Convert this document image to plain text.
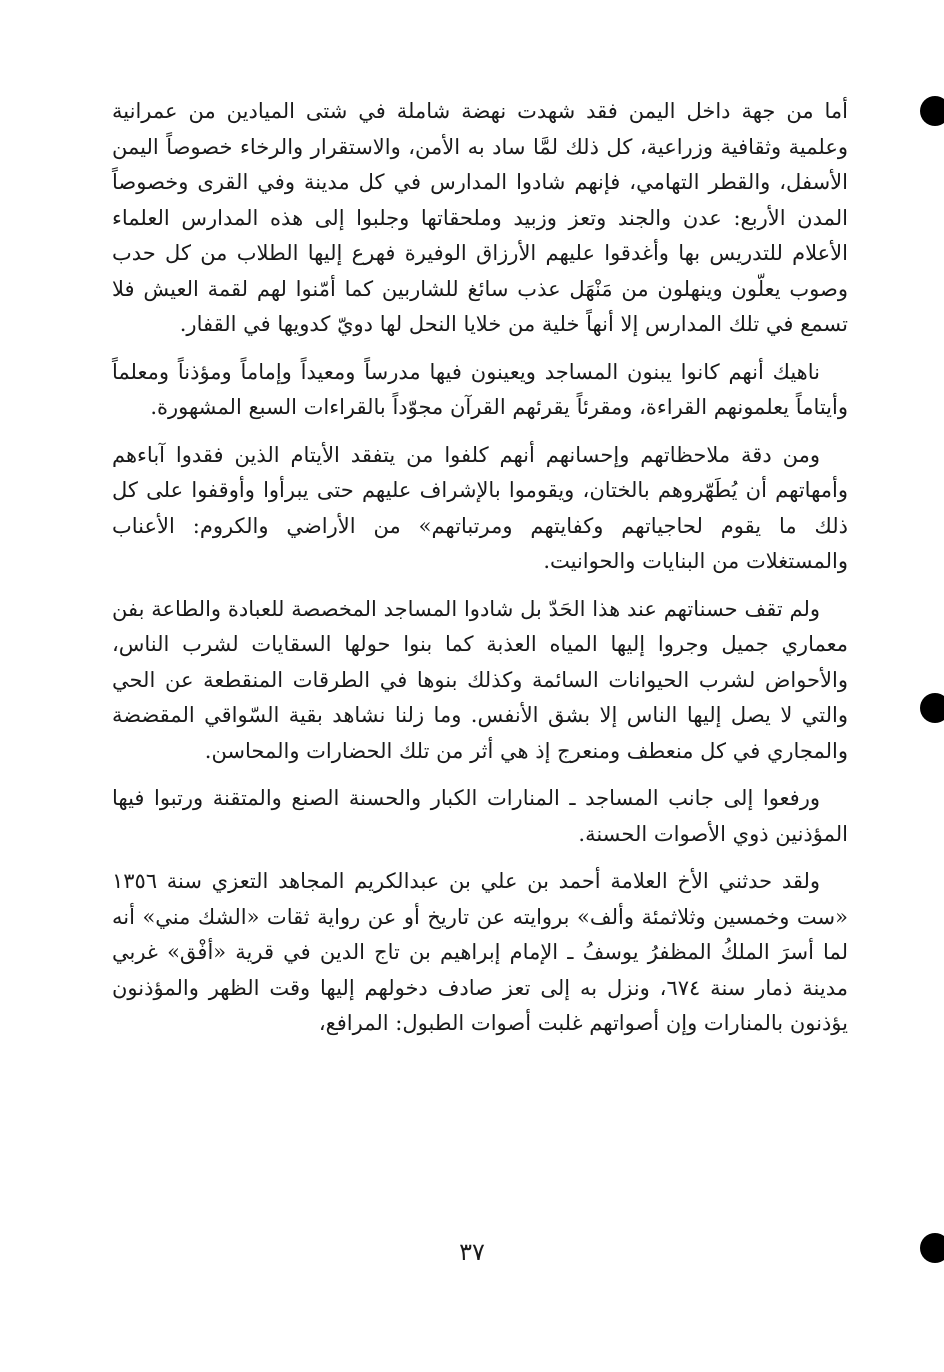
أما من جهة داخل اليمن فقد شهدت نهضة شاملة في شتى الميادين من عمرانية وعلمية وثقافية وزراعية، كل ذلك لمَّا ساد به الأمن، والاستقرار والرخاء خصوصاً اليمن الأسفل، والقطر التهامي، فإنهم شادوا المدارس في كل مدينة وفي القرى وخصوصاً المدن الأربع: عدن والجند وتعز وزبيد وملحقاتها وجلبوا إلى هذه المدارس العلماء الأعلام للتدريس بها وأغدقوا عليهم الأرزاق الوفيرة فهرع إليها الطلاب من كل حدب وصوب يعلّون وينهلون من مَنْهَل عذب سائغ للشاربين كما أمّنوا لهم لقمة العيش فلا تسمع في تلك المدارس إلا أنهاً خلية من خلايا النحل لها دويّ كدويها في القفار.

ناهيك أنهم كانوا يبنون المساجد ويعينون فيها مدرساً ومعيداً وإماماً ومؤذناً ومعلماً وأيتاماً يعلمونهم القراءة، ومقرئاً يقرئهم القرآن مجوّداً بالقراءات السبع المشهورة.

ومن دقة ملاحظاتهم وإحسانهم أنهم كلفوا من يتفقد الأيتام الذين فقدوا آباءهم وأمهاتهم أن يُطَهّروهم بالختان، ويقوموا بالإشراف عليهم حتى يبرأوا وأوقفوا على كل ذلك ما يقوم لحاجياتهم وكفايتهم ومرتباتهم» من الأراضي والكروم: الأعناب والمستغلات من البنايات والحوانيت.

ولم تقف حسناتهم عند هذا الحَدّ بل شادوا المساجد المخصصة للعبادة والطاعة بفن معماري جميل وجروا إليها المياه العذبة كما بنوا حولها السقايات لشرب الناس، والأحواض لشرب الحيوانات السائمة وكذلك بنوها في الطرقات المنقطعة عن الحي والتي لا يصل إليها الناس إلا بشق الأنفس. وما زلنا نشاهد بقية السّواقي المقضضة والمجاري في كل منعطف ومنعرج إذ هي أثر من تلك الحضارات والمحاسن.

ورفعوا إلى جانب المساجد ـ المنارات الكبار والحسنة الصنع والمتقنة ورتبوا فيها المؤذنين ذوي الأصوات الحسنة.

ولقد حدثني الأخ العلامة أحمد بن علي بن عبدالكريم المجاهد التعزي سنة ١٣٥٦ «ست وخمسين وثلاثمئة وألف» بروايته عن تاريخ أو عن رواية ثقات «الشك مني» أنه لما أسرَ الملكُ المظفرُ يوسفُ ـ الإمام إبراهيم بن تاج الدين في قرية «أفْق» غربي مدينة ذمار سنة ٦٧٤، ونزل به إلى تعز صادف دخولهم إليها وقت الظهر والمؤذنون يؤذنون بالمنارات وإن أصواتهم غلبت أصوات الطبول: المرافع،

٣٧
